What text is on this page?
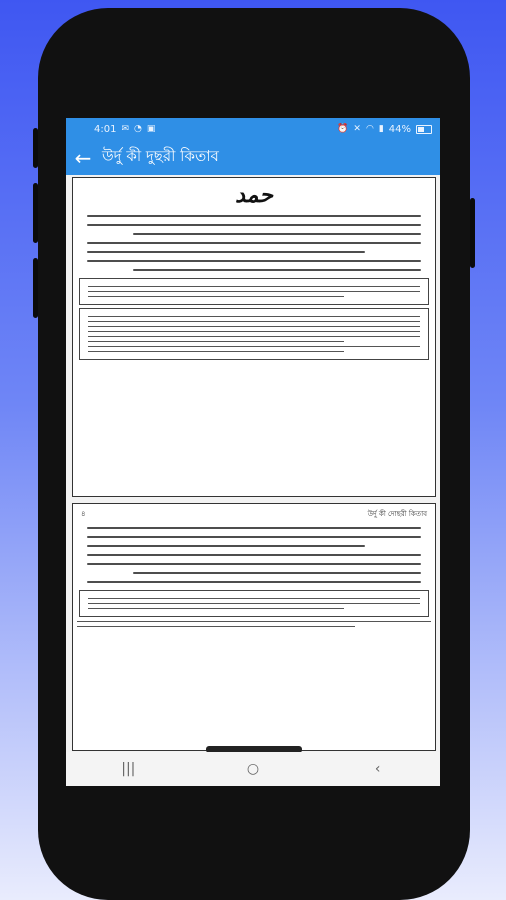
4:01 ✉ ◔ ▣	⏰ ✕ ◠ ▮ 44%
← উর্দু কী দুছরী কিতাব
حمد
৪	উর্দু কী দোছরী কিতাব
|||	○	‹
